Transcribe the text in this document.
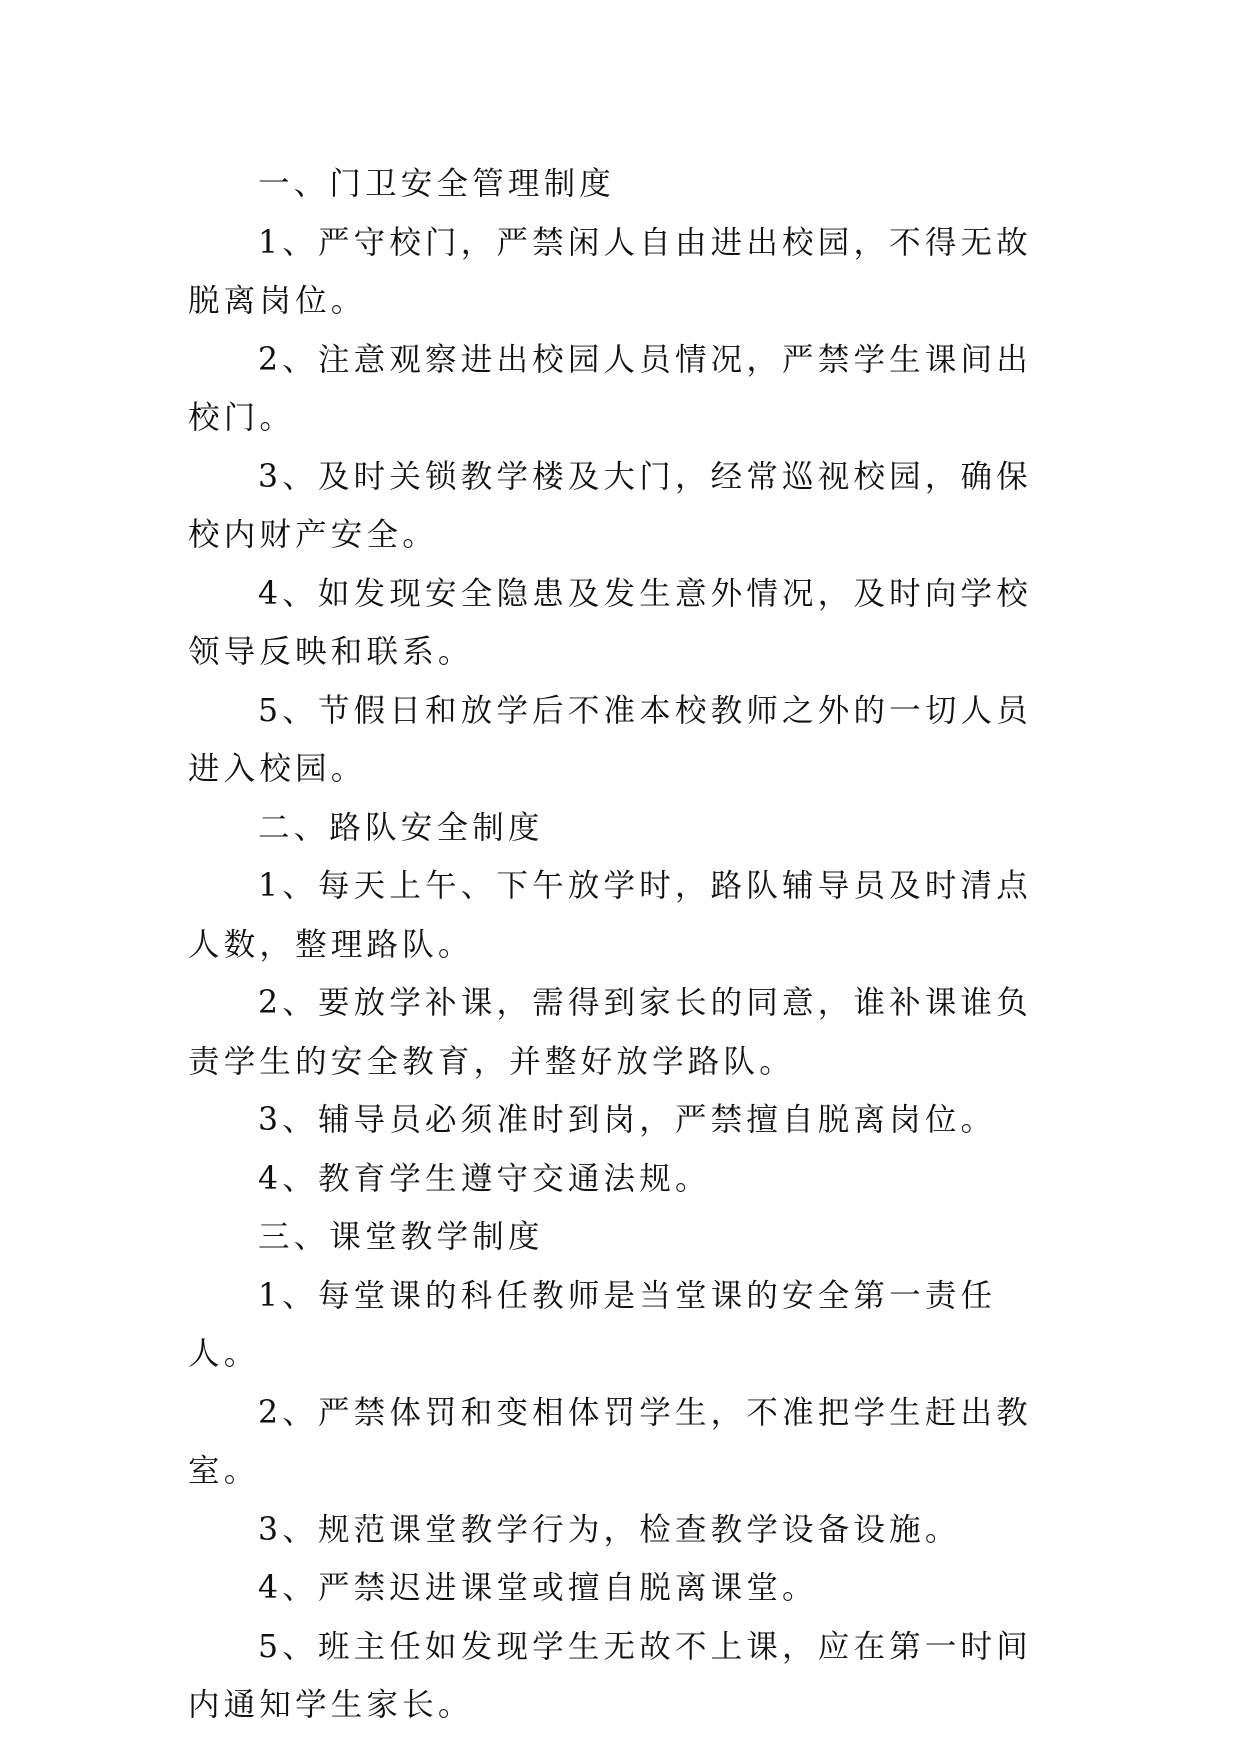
一、门卫安全管理制度

1、严守校门，严禁闲人自由进出校园，不得无故脱离岗位。

2、注意观察进出校园人员情况，严禁学生课间出校门。

3、及时关锁教学楼及大门，经常巡视校园，确保校内财产安全。

4、如发现安全隐患及发生意外情况，及时向学校领导反映和联系。

5、节假日和放学后不准本校教师之外的一切人员进入校园。

二、路队安全制度

1、每天上午、下午放学时，路队辅导员及时清点人数，整理路队。

2、要放学补课，需得到家长的同意，谁补课谁负责学生的安全教育，并整好放学路队。

3、辅导员必须准时到岗，严禁擅自脱离岗位。

4、教育学生遵守交通法规。

三、课堂教学制度

1、每堂课的科任教师是当堂课的安全第一责任人。

2、严禁体罚和变相体罚学生，不准把学生赶出教室。

3、规范课堂教学行为，检查教学设备设施。

4、严禁迟进课堂或擅自脱离课堂。

5、班主任如发现学生无故不上课，应在第一时间内通知学生家长。
